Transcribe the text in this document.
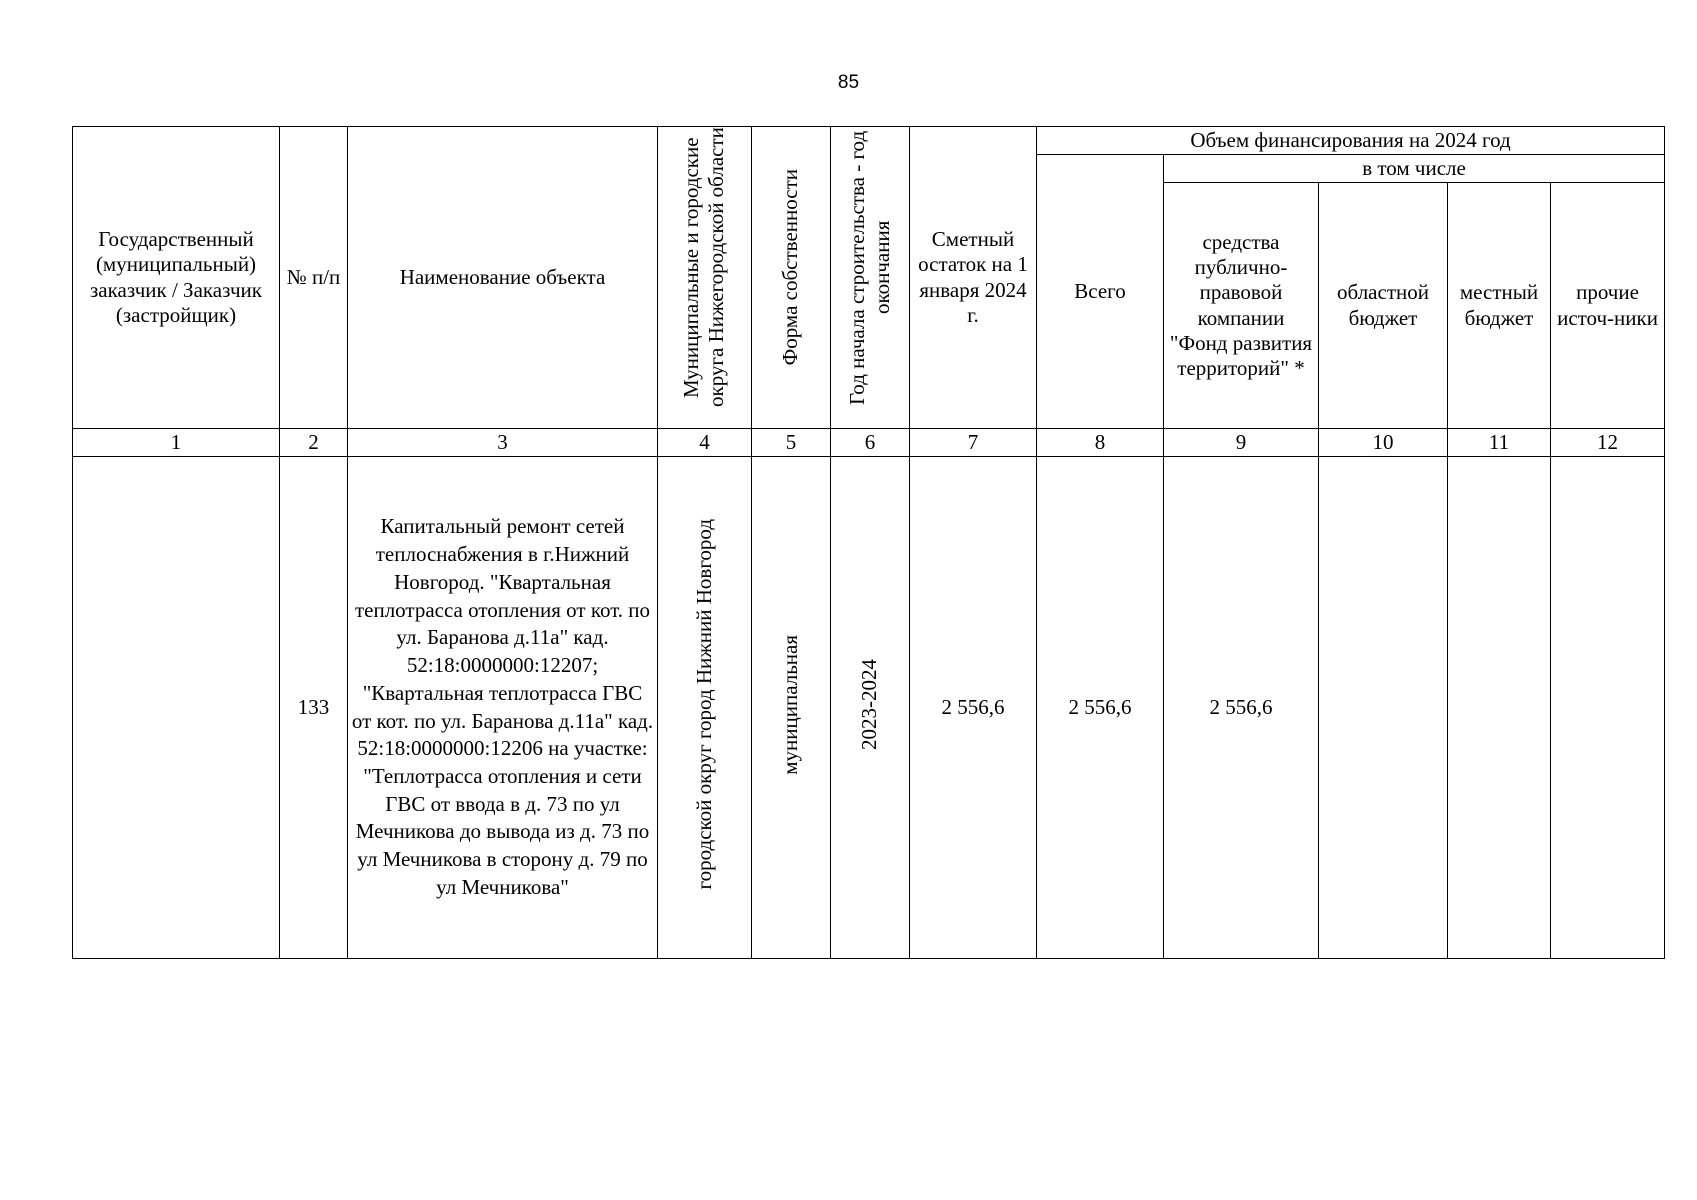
85
Государственный (муниципальный) заказчик / Заказчик (застройщик)	№ п/п	Наименование объекта	Муниципальные и городские округа Нижегородской области	Форма собственности	Год начала строительства - год окончания	Сметный остаток на 1 января 2024 г.	Объем финансирования на 2024 год				
							Всего	в том числе			
								средства публично-правовой компании "Фонд развития территорий" *	областной бюджет	местный бюджет	прочие источ-ники
1	2	3	4	5	6	7	8	9	10	11	12
	133	Капитальный ремонт сетей теплоснабжения в г.Нижний Новгород. "Квартальная теплотрасса отопления от кот. по ул. Баранова д.11а" кад. 52:18:0000000:12207; "Квартальная теплотрасса ГВС от кот. по ул. Баранова д.11а" кад. 52:18:0000000:12206 на участке: "Теплотрасса отопления и сети ГВС от ввода в д. 73 по ул Мечникова до вывода из д. 73 по ул Мечникова в сторону д. 79 по ул Мечникова"	городской округ город Нижний Новгород	муниципальная	2023-2024	2 556,6	2 556,6	2 556,6			
